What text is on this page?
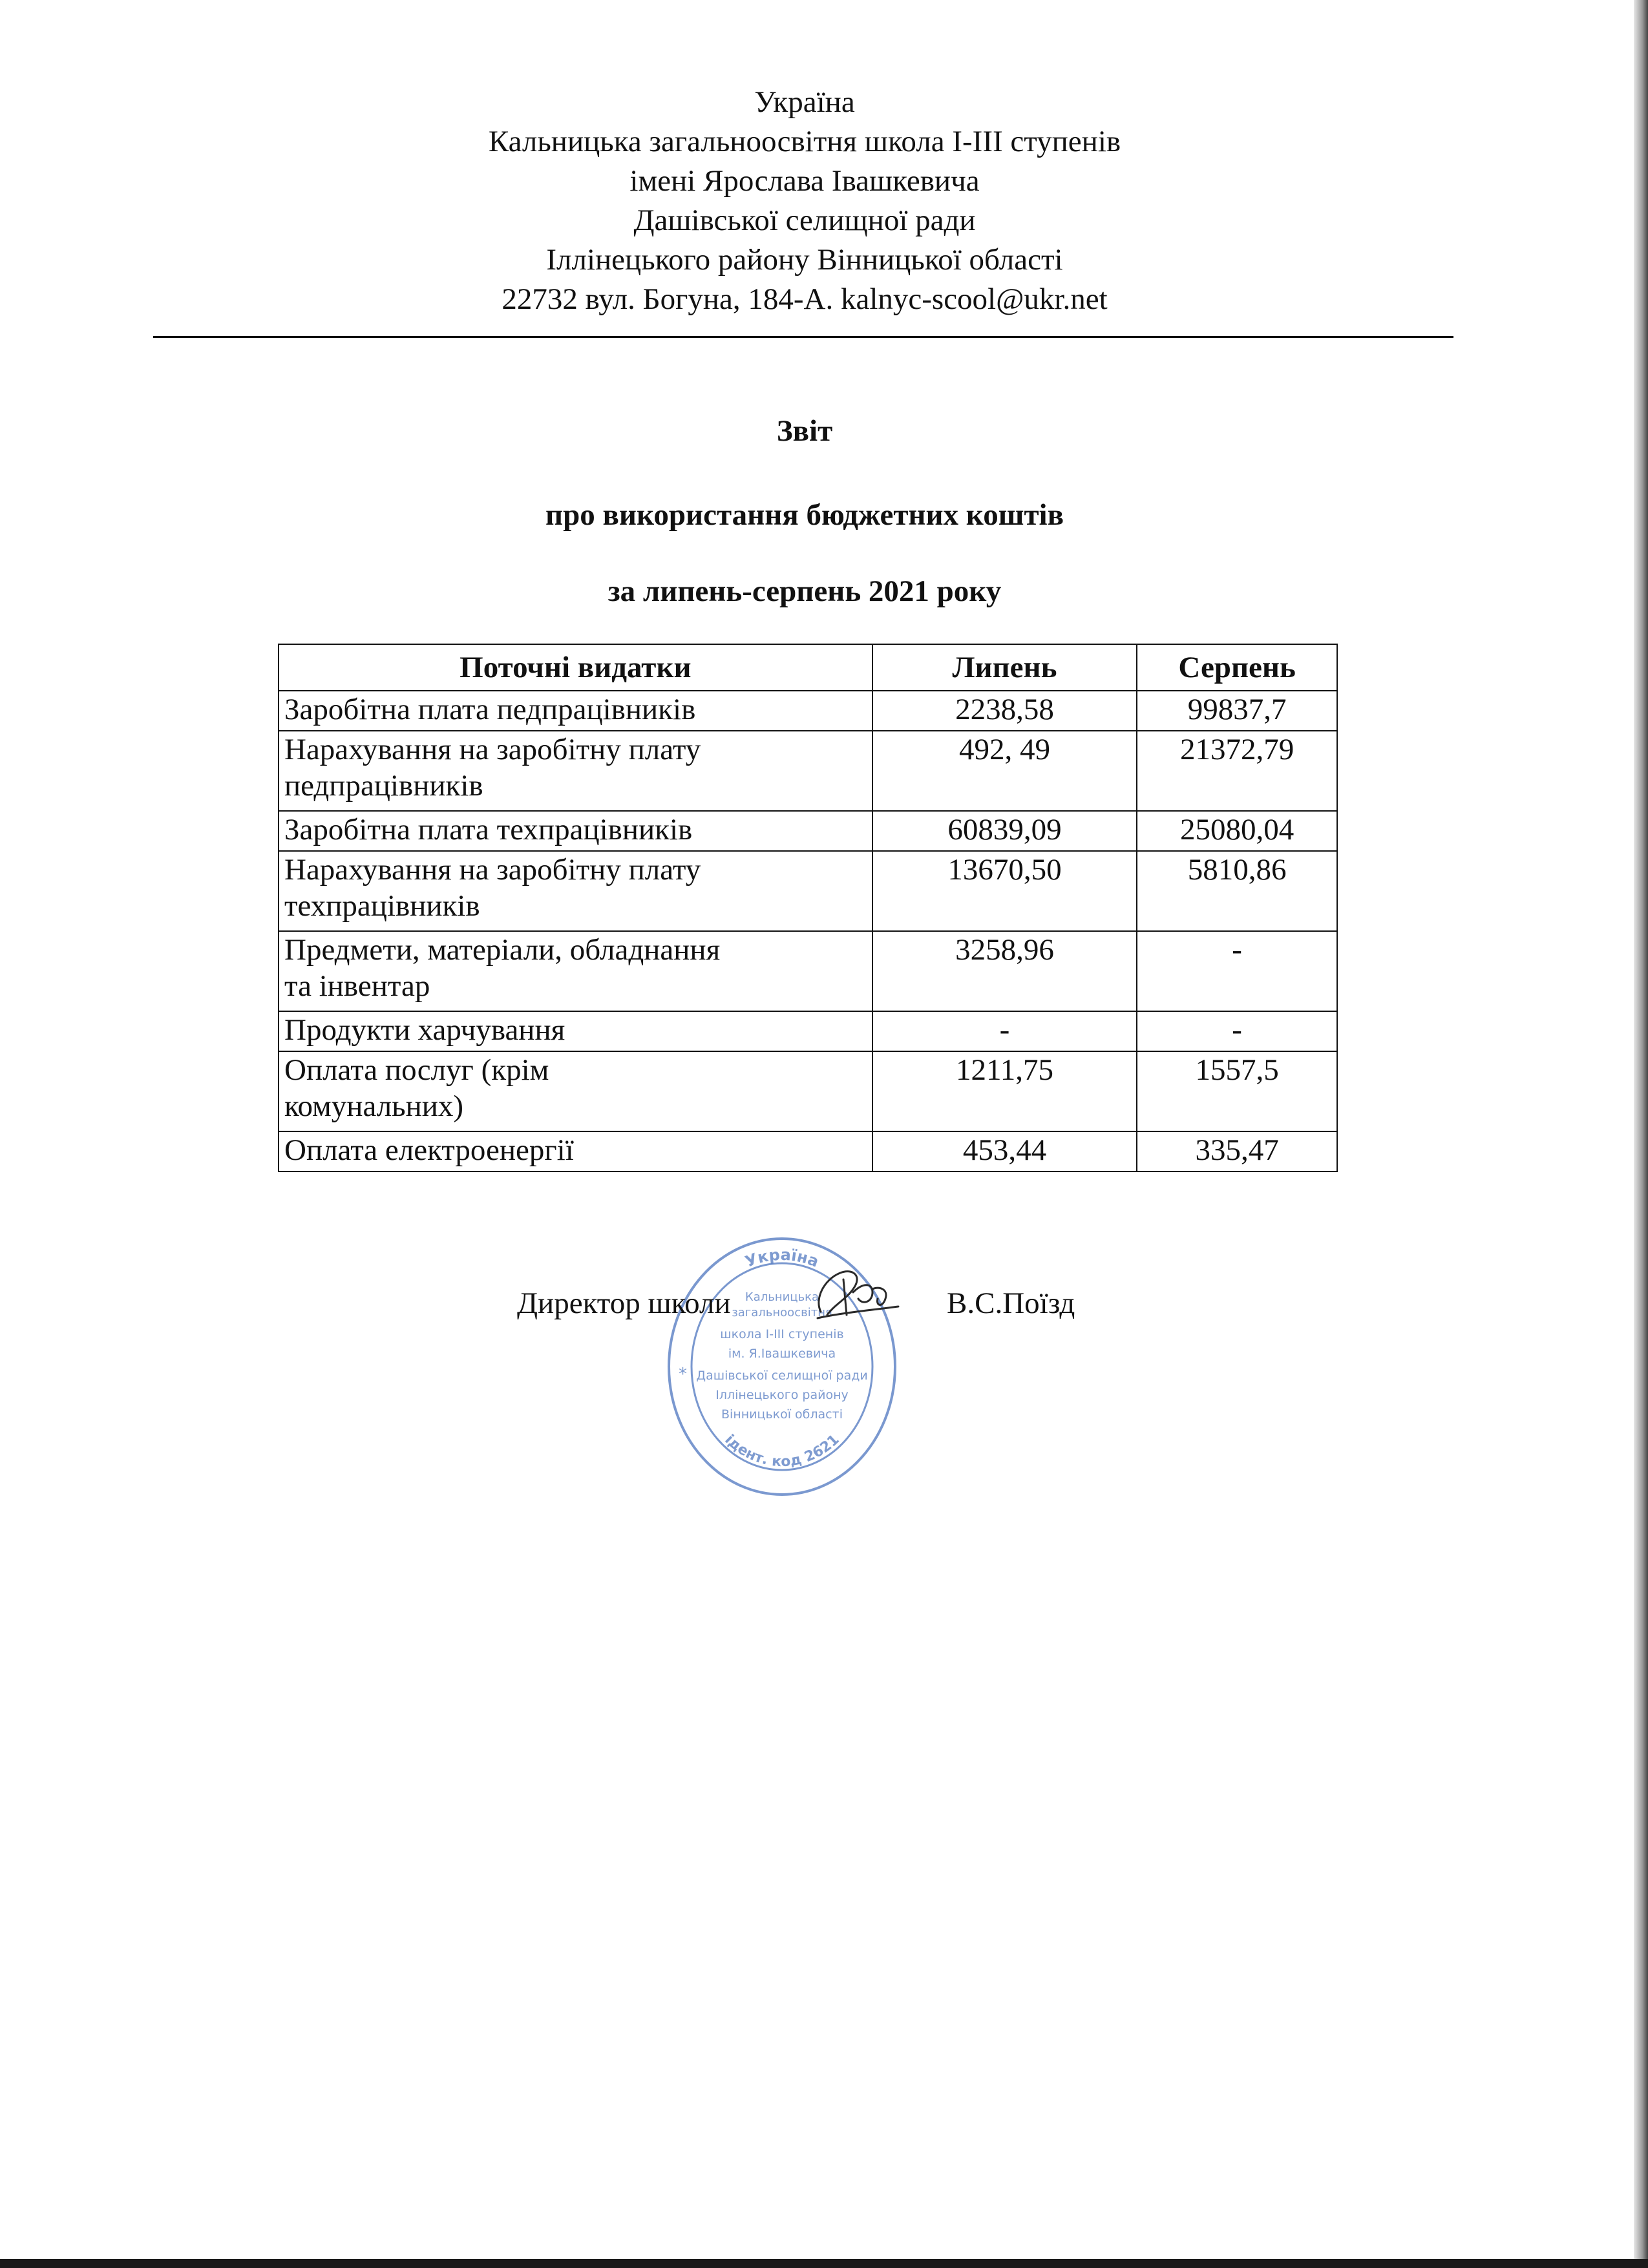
Україна
Кальницька загальноосвітня школа І-ІІІ ступенів
імені Ярослава Івашкевича
Дашівської селищної ради
Іллінецького району Вінницької області
22732 вул. Богуна, 184-А. kalnyc-scool@ukr.net
Звіт
про використання бюджетних коштів
за липень-серпень 2021 року
Поточні видатки	Липень	Серпень
Заробітна плата педпрацівників	2238,58	99837,7
Нарахування на заробітну плату
педпрацівників	492, 49	21372,79
Заробітна плата техпрацівників	60839,09	25080,04
Нарахування на заробітну плату
техпрацівників	13670,50	5810,86
Предмети, матеріали, обладнання
та інвентар	3258,96	-
Продукти харчування	-	-
Оплата послуг (крім
комунальних)	1211,75	1557,5
Оплата електроенергії	453,44	335,47
Україна
ідент. код 2621
Кальницька
загальноосвітня
школа І-ІІІ ступенів
ім. Я.Івашкевича
Дашівської селищної ради
Іллінецького району
Вінницької області
*
Директор школи	В.С.Поїзд
